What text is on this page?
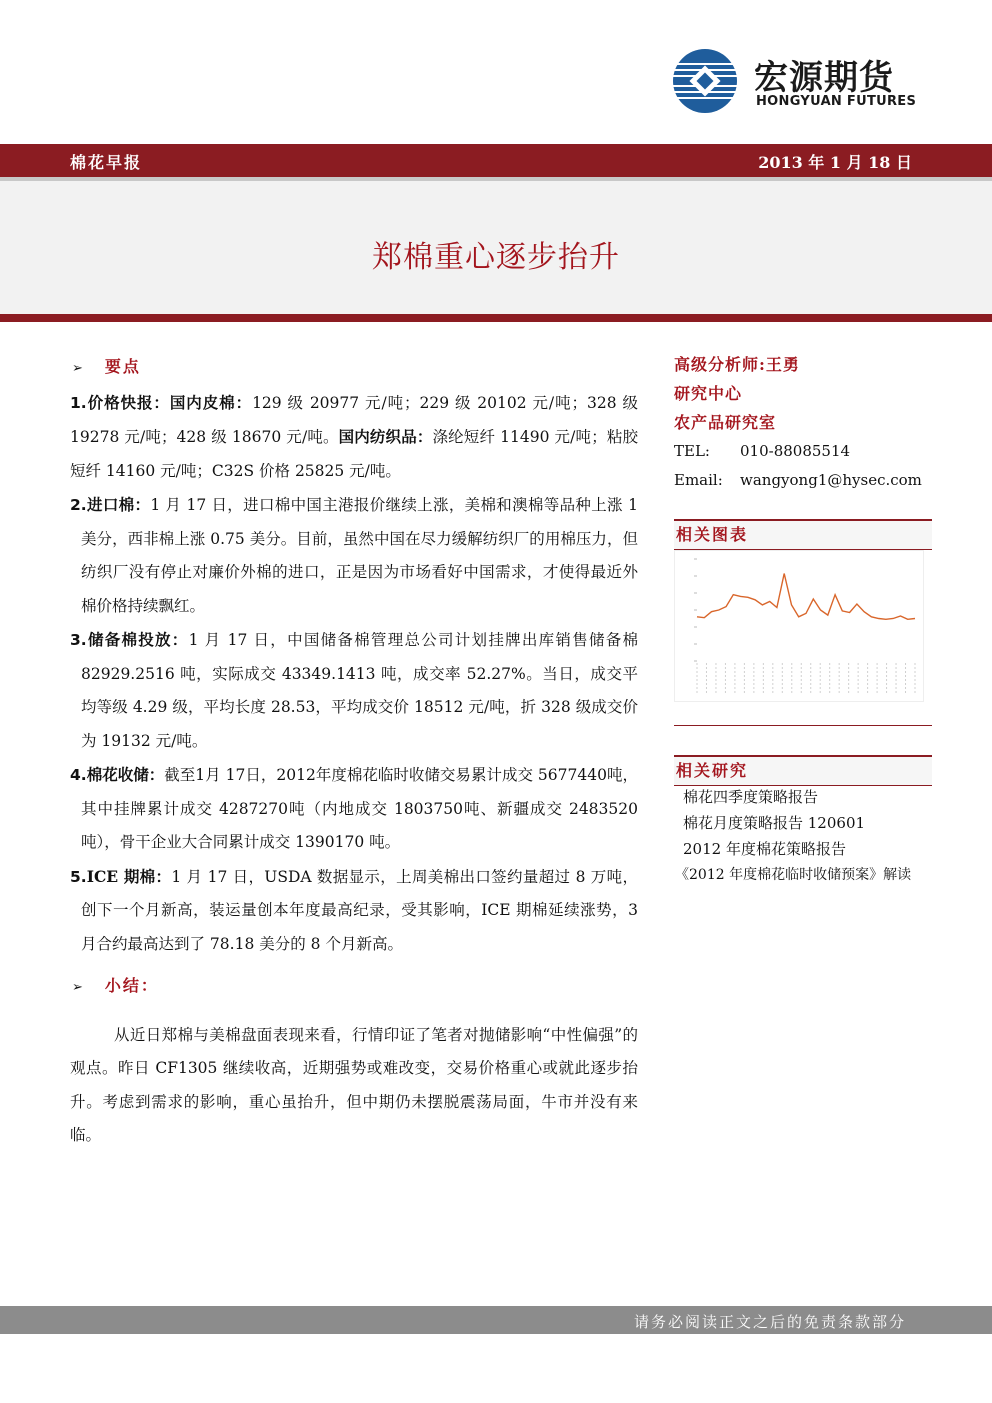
宏源期货
HONGYUAN FUTURES
棉花早报	2013 年 1 月 18 日
郑棉重心逐步抬升
➢ 要点
1.价格快报：国内皮棉：129 级 20977 元/吨；229 级 20102 元/吨；328 级 19278 元/吨；428 级 18670 元/吨。国内纺织品：涤纶短纤 11490 元/吨；粘胶短纤 14160 元/吨；C32S 价格 25825 元/吨。
2.进口棉：1 月 17 日，进口棉中国主港报价继续上涨，美棉和澳棉等品种上涨 1 美分，西非棉上涨 0.75 美分。目前，虽然中国在尽力缓解纺织厂的用棉压力，但纺织厂没有停止对廉价外棉的进口，正是因为市场看好中国需求，才使得最近外棉价格持续飘红。
3.储备棉投放：1 月 17 日，中国储备棉管理总公司计划挂牌出库销售储备棉 82929.2516 吨，实际成交 43349.1413 吨，成交率 52.27%。当日，成交平均等级 4.29 级，平均长度 28.53，平均成交价 18512 元/吨，折 328 级成交价为 19132 元/吨。
4.棉花收储：截至1月 17日，2012年度棉花临时收储交易累计成交 5677440吨，其中挂牌累计成交 4287270吨（内地成交 1803750吨、新疆成交 2483520吨），骨干企业大合同累计成交 1390170 吨。
5.ICE 期棉：1 月 17 日，USDA 数据显示，上周美棉出口签约量超过 8 万吨，创下一个月新高，装运量创本年度最高纪录，受其影响，ICE 期棉延续涨势，3 月合约最高达到了 78.18 美分的 8 个月新高。
➢ 小结：
从近日郑棉与美棉盘面表现来看，行情印证了笔者对抛储影响“中性偏强”的观点。昨日 CF1305 继续收高，近期强势或难改变，交易价格重心或就此逐步抬升。考虑到需求的影响，重心虽抬升，但中期仍未摆脱震荡局面，牛市并没有来临。
高级分析师:王勇
研究中心
农产品研究室
TEL: 010-88085514
Email: wangyong1@hysec.com
相关图表
相关研究
棉花四季度策略报告
棉花月度策略报告 120601
2012 年度棉花策略报告
《2012 年度棉花临时收储预案》解读
请务必阅读正文之后的免责条款部分
